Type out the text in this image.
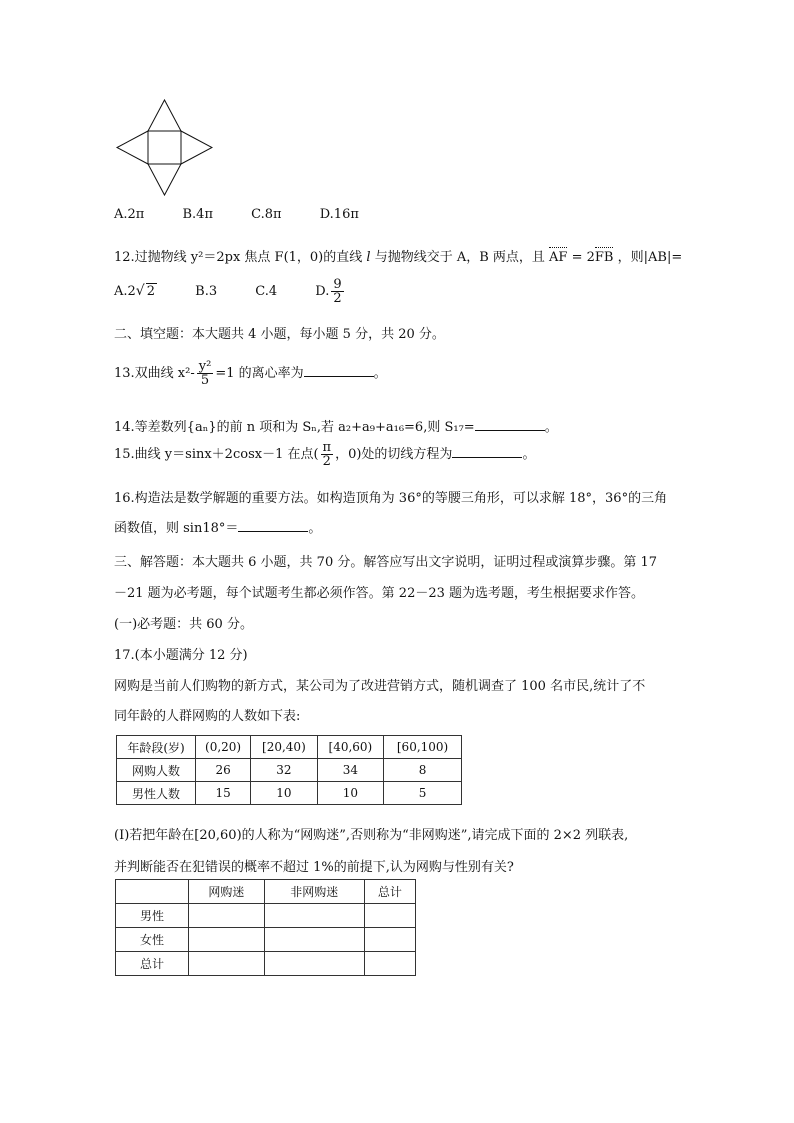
A.2π	B.4π	C.8π	D.16π
12.过抛物线 y²＝2px 焦点 F(1，0)的直线 l 与抛物线交于 A，B 两点，且 AF = 2FB ，则|AB|=
A.2√ 2	B.3	C.4	D. $\frac{9}{2}$
二、填空题：本大题共 4 小题，每小题 5 分，共 20 分。
13.双曲线 $x^2- \frac{\text{y²}}{5} =1$ 的离心率为	。
14.等差数列{aₙ}的前 n 项和为 Sₙ,若 a₂+a₉+a₁₆=6,则 S₁₇=	。
15.曲线 y＝sinx＋2cosx－1 在点( $\frac{\pi}{2}$ ，0)处的切线方程为	。
16.构造法是数学解题的重要方法。如构造顶角为 36°的等腰三角形，可以求解 18°，36°的三角
函数值，则 sin18°＝	。
三、解答题：本大题共 6 小题，共 70 分。解答应写出文字说明，证明过程或演算步骤。第 17
－21 题为必考题，每个试题考生都必须作答。第 22－23 题为选考题，考生根据要求作答。
(一)必考题：共 60 分。
17.(本小题满分 12 分)
网购是当前人们购物的新方式，某公司为了改进营销方式，随机调查了 100 名市民,统计了不
同年龄的人群网购的人数如下表:
年龄段(岁)	(0,20)	[20,40)	[40,60)	[60,100)
网购人数	26	32	34	8
男性人数	15	10	10	5
(I)若把年龄在[20,60)的人称为“网购迷”,否则称为“非网购迷”,请完成下面的 2×2 列联表,
并判断能否在犯错误的概率不超过 1%的前提下,认为网购与性别有关?
	网购迷	非网购迷	总计
男性			
女性			
总计			
